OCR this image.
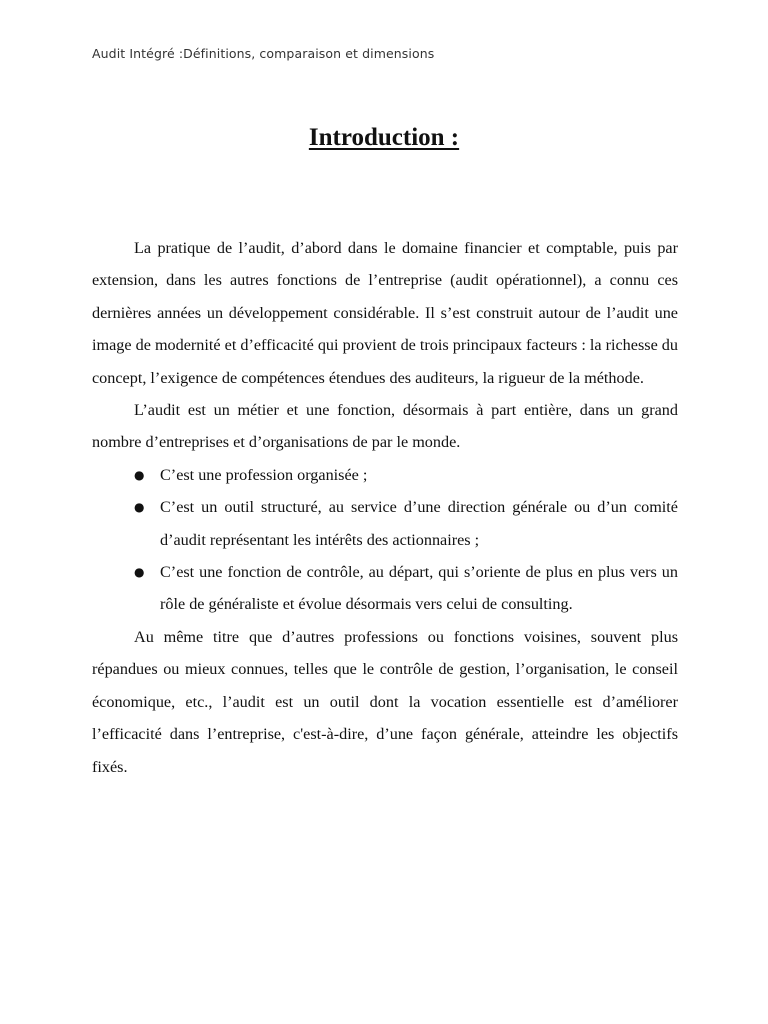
Audit Intégré :Définitions, comparaison et dimensions
Introduction :

La pratique de l’audit, d’abord dans le domaine financier et comptable, puis par extension, dans les autres fonctions de l’entreprise (audit opérationnel), a connu ces dernières années un développement considérable. Il s’est construit autour de l’audit une image de modernité et d’efficacité qui provient de trois principaux facteurs : la richesse du concept, l’exigence de compétences étendues des auditeurs, la rigueur de la méthode.

L’audit est un métier et une fonction, désormais à part entière, dans un grand nombre d’entreprises et d’organisations de par le monde.

● C’est une profession organisée ;
● C’est un outil structuré, au service d’une direction générale ou d’un comité d’audit représentant les intérêts des actionnaires ;
● C’est une fonction de contrôle, au départ, qui s’oriente de plus en plus vers un rôle de généraliste et évolue désormais vers celui de consulting.

Au même titre que d’autres professions ou fonctions voisines, souvent plus répandues ou mieux connues, telles que le contrôle de gestion, l’organisation, le conseil économique, etc., l’audit est un outil dont la vocation essentielle est d’améliorer l’efficacité dans l’entreprise, c'est-à-dire, d’une façon générale, atteindre les objectifs fixés.
